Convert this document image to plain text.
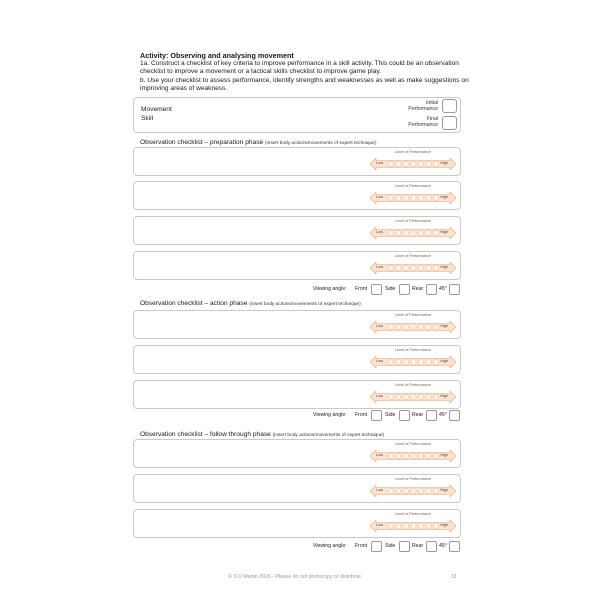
Activity: Observing and analysing movement
1a. Construct a checklist of key criteria to improve performance in a skill activity. This could be an observation checklist to improve a movement or a tactical skills checklist to improve game play.
b. Use your checklist to assess performance, identify strengths and weaknesses as well as make suggestions on improving areas of weakness.
Movement
Skill
Initial
Performance
Final
Performance
Observation checklist – preparation phase (insert body actions/movements of expert technique)
Level of Performance
Low	High
Level of Performance
Low	High
Level of Performance
Low	High
Level of Performance
Low	High
Viewing angle: Front	Side	Rear	45°
Observation checklist – action phase (insert body actions/movements of expert technique)
Level of Performance
Low	High
Level of Performance
Low	High
Level of Performance
Low	High
Viewing angle: Front	Side	Rear	45°
Observation checklist – follow through phase (insert body actions/movements of expert technique)
Level of Performance
Low	High
Level of Performance
Low	High
Level of Performance
Low	High
Viewing angle: Front	Side	Rear	45°
© S D Martin 2026 - Please do not photocopy or distribute	31
